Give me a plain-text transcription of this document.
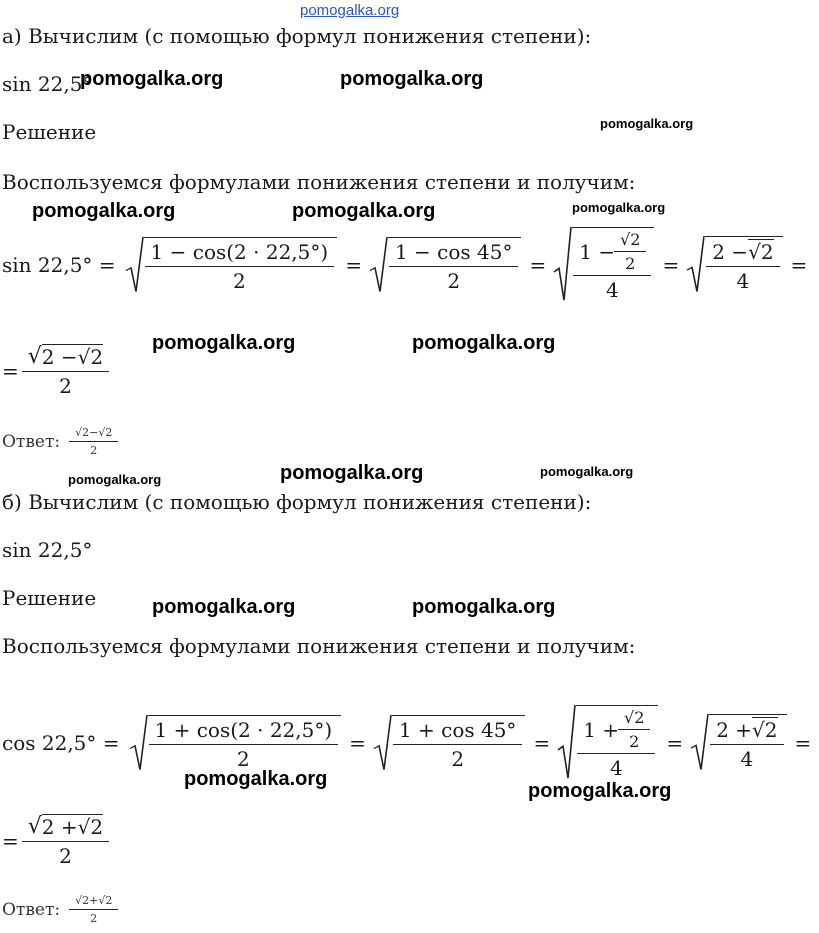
pomogalka.org
а) Вычислим (с помощью формул понижения степени):
sin 22,5°
Решение
Воспользуемся формулами понижения степени и получим:
$\sin 22,5^\circ = \frac{1 - \cos(2 \cdot 22,5^\circ)}{2} = \frac{1 - \cos 45^\circ}{2} = \frac{1 - \frac{√2}{2}}{4} = \frac{2 - √ 2}{4}$ =
= $\frac{√ 2 - √ 2}{2}$
Ответ: $\frac{√2-√2}{2}$
б) Вычислим (с помощью формул понижения степени):
sin 22,5°
Решение
Воспользуемся формулами понижения степени и получим:
$\cos 22,5^\circ = \frac{1 + \cos(2 \cdot 22,5^\circ)}{2} = \frac{1 + \cos 45^\circ}{2} = \frac{1 + \frac{√2}{2}}{4} = \frac{2 + √ 2}{4}$ =
= $\frac{√ 2 + √ 2}{2}$
Ответ: $\frac{√2+√2}{2}$
pomogalka.org	pomogalka.org
pomogalka.org
pomogalka.org	pomogalka.org	pomogalka.org
pomogalka.org	pomogalka.org
pomogalka.org	pomogalka.org	pomogalka.org
pomogalka.org	pomogalka.org
pomogalka.org
pomogalka.org
